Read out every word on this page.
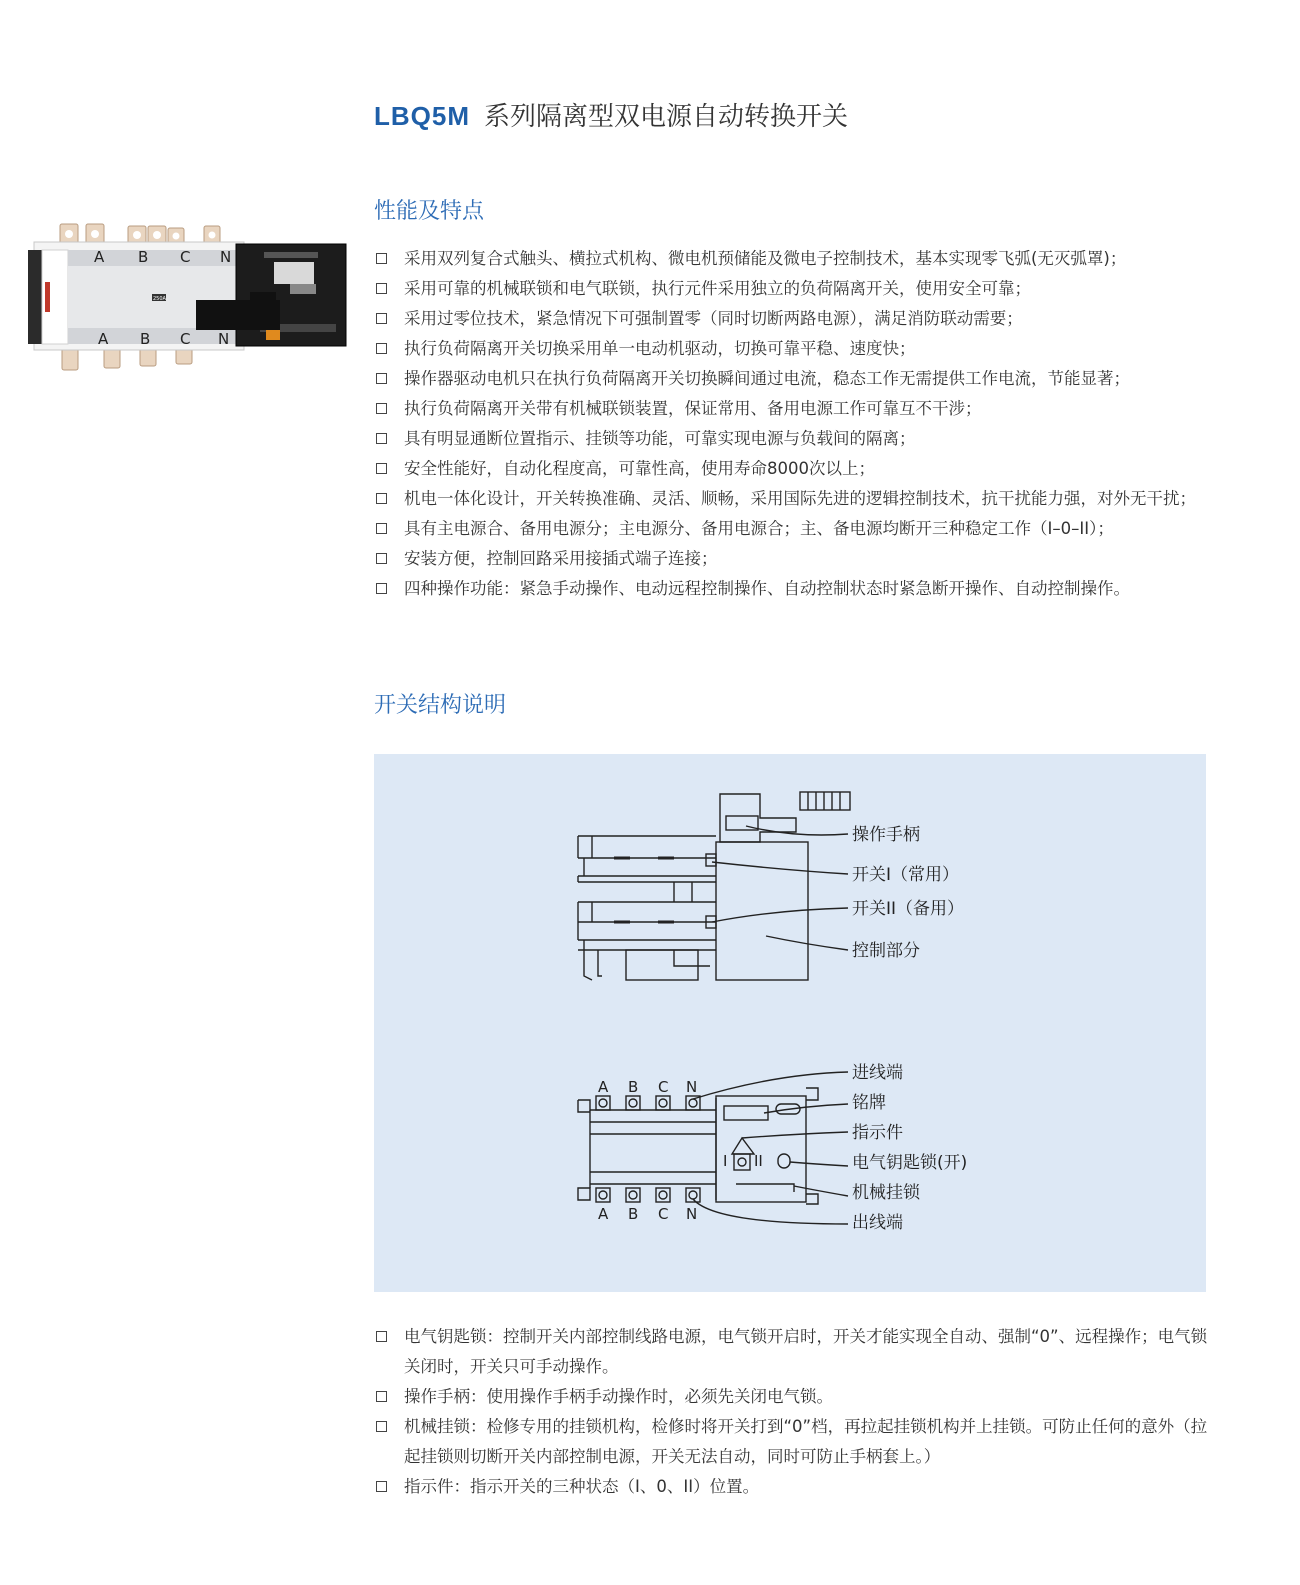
LBQ5M 系列隔离型双电源自动转换开关
性能及特点
采用双列复合式触头、横拉式机构、微电机预储能及微电子控制技术，基本实现零飞弧(无灭弧罩)；
采用可靠的机械联锁和电气联锁，执行元件采用独立的负荷隔离开关，使用安全可靠；
采用过零位技术，紧急情况下可强制置零（同时切断两路电源），满足消防联动需要；
执行负荷隔离开关切换采用单一电动机驱动，切换可靠平稳、速度快；
操作器驱动电机只在执行负荷隔离开关切换瞬间通过电流，稳态工作无需提供工作电流，节能显著；
执行负荷隔离开关带有机械联锁装置，保证常用、备用电源工作可靠互不干涉；
具有明显通断位置指示、挂锁等功能，可靠实现电源与负载间的隔离；
安全性能好，自动化程度高，可靠性高，使用寿命8000次以上；
机电一体化设计，开关转换准确、灵活、顺畅，采用国际先进的逻辑控制技术，抗干扰能力强，对外无干扰；
具有主电源合、备用电源分；主电源分、备用电源合；主、备电源均断开三种稳定工作（I–0–II）；
安装方便，控制回路采用接插式端子连接；
四种操作功能：紧急手动操作、电动远程控制操作、自动控制状态时紧急断开操作、自动控制操作。
A B C N
A B C N
250A
开关结构说明
操作手柄
开关I（常用）
开关II（备用）
控制部分
A B C N
A B C N
I II
进线端
铭牌
指示件
电气钥匙锁(开)
机械挂锁
出线端
电气钥匙锁：控制开关内部控制线路电源，电气锁开启时，开关才能实现全自动、强制“0”、远程操作；电气锁关闭时，开关只可手动操作。
操作手柄：使用操作手柄手动操作时，必须先关闭电气锁。
机械挂锁：检修专用的挂锁机构，检修时将开关打到“0”档，再拉起挂锁机构并上挂锁。可防止任何的意外（拉起挂锁则切断开关内部控制电源，开关无法自动，同时可防止手柄套上。）
指示件：指示开关的三种状态（I、0、II）位置。
